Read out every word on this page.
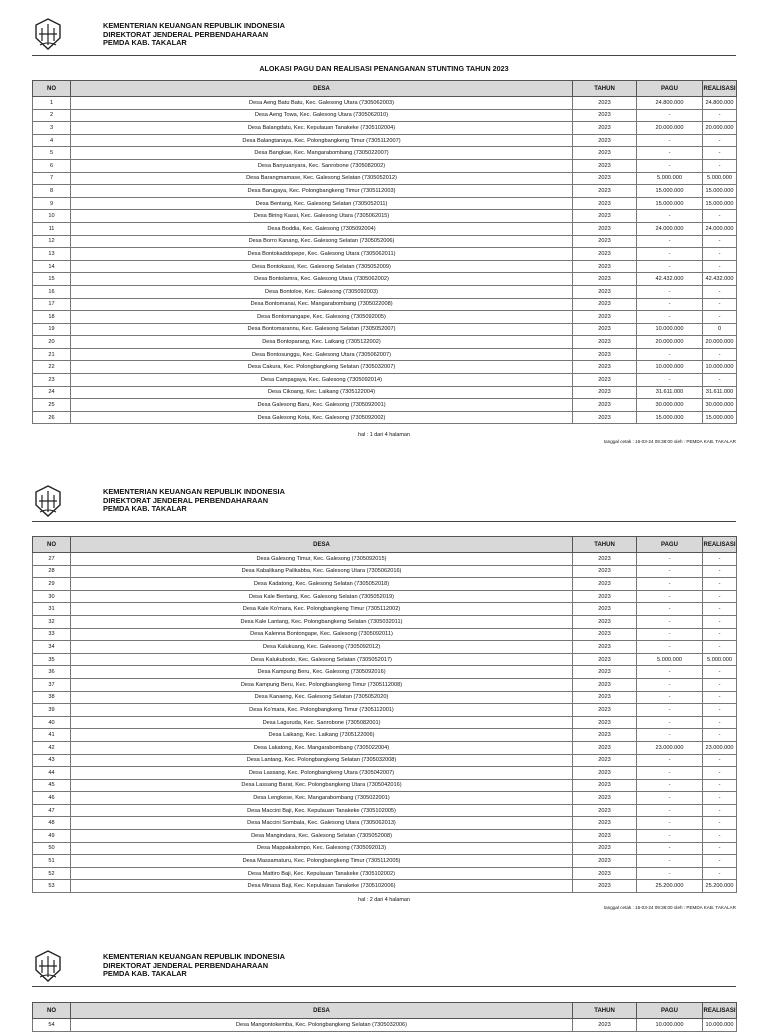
KEMENTERIAN KEUANGAN REPUBLIK INDONESIA
DIREKTORAT JENDERAL PERBENDAHARAAN
PEMDA KAB. TAKALAR
ALOKASI PAGU DAN REALISASI PENANGANAN STUNTING TAHUN 2023
NO	DESA	TAHUN	PAGU	REALISASI
1	Desa Aeng Batu Batu, Kec. Galesong Utara (7305062003)	2023	24.800.000	24.800.000
2	Desa Aeng Towa, Kec. Galesong Utara (7305062010)	2023	-	-
3	Desa Balangdatu, Kec. Kepulauan Tanakeke (7305102004)	2023	20.000.000	20.000.000
4	Desa Balangtanaya, Kec. Polongbangkeng Timur (7305112007)	2023	-	-
5	Desa Bangkae, Kec. Mangarabombang (7305022007)	2023	-	-
6	Desa Banyuanyara, Kec. Sanrobone (7305082002)	2023	-	-
7	Desa Barangmamase, Kec. Galesong Selatan (7305052012)	2023	5.000.000	5.000.000
8	Desa Barugaya, Kec. Polongbangkeng Timur (7305112003)	2023	15.000.000	15.000.000
9	Desa Bentang, Kec. Galesong Selatan (7305052011)	2023	15.000.000	15.000.000
10	Desa Biring Kassi, Kec. Galesong Utara (7305062015)	2023	-	-
11	Desa Boddia, Kec. Galesong (7305092004)	2023	24.000.000	24.000.000
12	Desa Borro Kanang, Kec. Galesong Selatan (7305052006)	2023	-	-
13	Desa Bontokaddopepe, Kec. Galesong Utara (7305062011)	2023	-	-
14	Desa Bontokassi, Kec. Galesong Selatan (7305052009)	2023	-	-
15	Desa Bontolamra, Kec. Galesong Utara (7305062002)	2023	42.432.000	42.432.000
16	Desa Bontoloe, Kec. Galesong (7305092003)	2023	-	-
17	Desa Bontomanai, Kec. Mangarabombang (7305022008)	2023	-	-
18	Desa Bontomangape, Kec. Galesong (7305092005)	2023	-	-
19	Desa Bontomarannu, Kec. Galesong Selatan (7305052007)	2023	10.000.000	0
20	Desa Bontoparang, Kec. Laikang (7305122002)	2023	20.000.000	20.000.000
21	Desa Bontosunggu, Kec. Galesong Utara (7305062007)	2023	-	-
22	Desa Cakura, Kec. Polongbangkeng Selatan (7305032007)	2023	10.000.000	10.000.000
23	Desa Campagaya, Kec. Galesong (7305092014)	2023	-	-
24	Desa Cikoang, Kec. Laikang (7305122004)	2023	31.611.000	31.611.000
25	Desa Galesong Baru, Kec. Galesong (7305092001)	2023	30.000.000	30.000.000
26	Desa Galesong Kota, Kec. Galesong (7305092002)	2023	15.000.000	15.000.000
hal : 1 dari 4 halaman
tanggal cetak : 16-03-24 09:38:00 oleh : PEMDA KAB. TAKALAR
KEMENTERIAN KEUANGAN REPUBLIK INDONESIA
DIREKTORAT JENDERAL PERBENDAHARAAN
PEMDA KAB. TAKALAR
NO	DESA	TAHUN	PAGU	REALISASI
27	Desa Galesong Timur, Kec. Galesong (7305092015)	2023	-	-
28	Desa Kabalikang Palikabba, Kec. Galesong Utara (7305062016)	2023	-	-
29	Desa Kadatong, Kec. Galesong Selatan (7305052018)	2023	-	-
30	Desa Kale Bentang, Kec. Galesong Selatan (7305052019)	2023	-	-
31	Desa Kale Ko'mara, Kec. Polongbangkeng Timur (7305112002)	2023	-	-
32	Desa Kale Lantang, Kec. Polongbangkeng Selatan (7305032011)	2023	-	-
33	Desa Kalenna Bontongape, Kec. Galesong (7305092011)	2023	-	-
34	Desa Kalukuang, Kec. Galesong (7305092012)	2023	-	-
35	Desa Kalukubodo, Kec. Galesong Selatan (7305052017)	2023	5.000.000	5.000.000
36	Desa Kampung Beru, Kec. Galesong (7305092016)	2023	-	-
37	Desa Kampung Beru, Kec. Polongbangkeng Timur (7305112008)	2023	-	-
38	Desa Kanaeng, Kec. Galesong Selatan (7305052020)	2023	-	-
39	Desa Ko'mara, Kec. Polongbangkeng Timur (7305112001)	2023	-	-
40	Desa Laguruda, Kec. Sanrobone (7305082001)	2023	-	-
41	Desa Laikang, Kec. Laikang (7305122006)	2023	-	-
42	Desa Lakatong, Kec. Mangarabombang (7305022004)	2023	23.000.000	23.000.000
43	Desa Lantang, Kec. Polongbangkeng Selatan (7305032008)	2023	-	-
44	Desa Lassang, Kec. Polongbangkeng Utara (7305042007)	2023	-	-
45	Desa Lassang Barat, Kec. Polongbangkeng Utara (7305042016)	2023	-	-
46	Desa Lengkese, Kec. Mangarabombang (7305022001)	2023	-	-
47	Desa Maccini Baji, Kec. Kepulauan Tanakeke (7305102005)	2023	-	-
48	Desa Maccini Sombala, Kec. Galesong Utara (7305062013)	2023	-	-
49	Desa Mangindara, Kec. Galesong Selatan (7305052008)	2023	-	-
50	Desa Mappakalompo, Kec. Galesong (7305092013)	2023	-	-
51	Desa Massamaturu, Kec. Polongbangkeng Timur (7305112005)	2023	-	-
52	Desa Mattiro Baji, Kec. Kepulauan Tanakeke (7305102002)	2023	-	-
53	Desa Minasa Baji, Kec. Kepulauan Tanakeke (7305102006)	2023	25.200.000	25.200.000
hal : 2 dari 4 halaman
tanggal cetak : 16-03-24 09:38:00 oleh : PEMDA KAB. TAKALAR
KEMENTERIAN KEUANGAN REPUBLIK INDONESIA
DIREKTORAT JENDERAL PERBENDAHARAAN
PEMDA KAB. TAKALAR
NO	DESA	TAHUN	PAGU	REALISASI
54	Desa Mangontokemba, Kec. Polongbangkeng Selatan (7305032006)	2023	10.000.000	10.000.000
